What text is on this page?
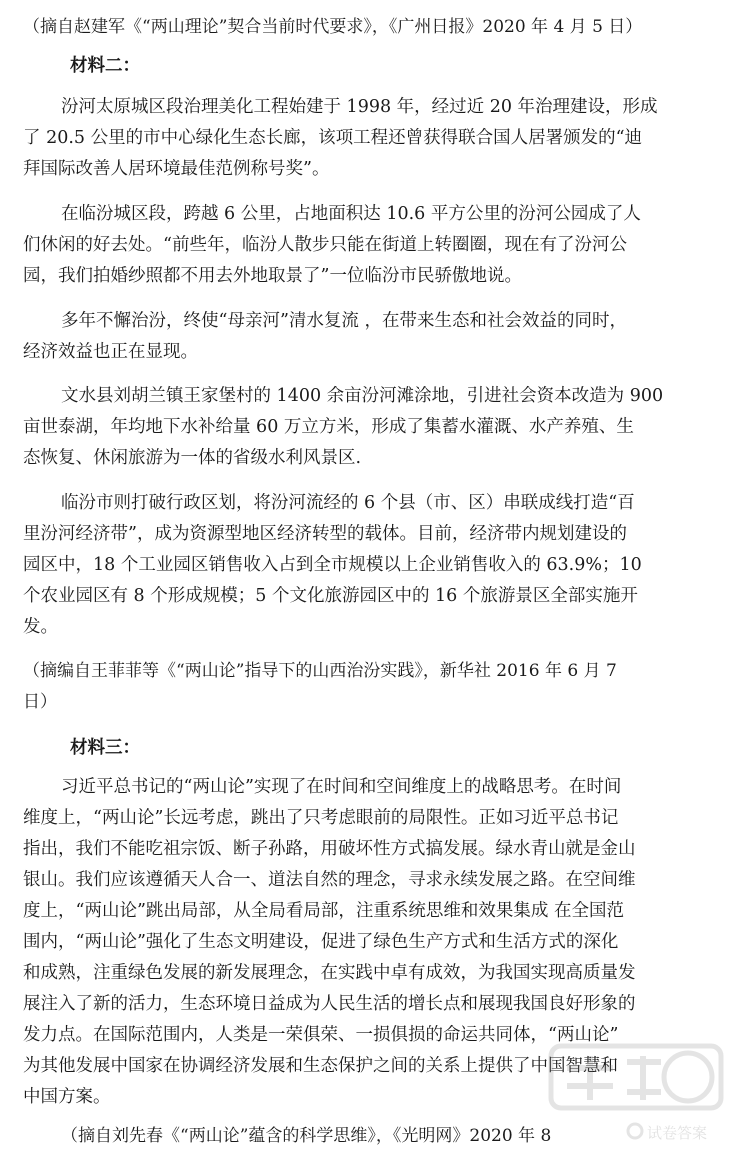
（摘自赵建军《“两山理论”契合当前时代要求》，《广州日报》2020 年 4 月 5 日）
材料二：
汾河太原城区段治理美化工程始建于 1998 年，经过近 20 年治理建设，形成
了 20.5 公里的市中心绿化生态长廊，该项工程还曾获得联合国人居署颁发的“迪
拜国际改善人居环境最佳范例称号奖”。
在临汾城区段，跨越 6 公里，占地面积达 10.6 平方公里的汾河公园成了人
们休闲的好去处。“前些年，临汾人散步只能在街道上转圈圈，现在有了汾河公
园，我们拍婚纱照都不用去外地取景了”一位临汾市民骄傲地说。
多年不懈治汾，终使“母亲河”清水复流 ，在带来生态和社会效益的同时，
经济效益也正在显现。
文水县刘胡兰镇王家堡村的 1400 余亩汾河滩涂地，引进社会资本改造为 900
亩世泰湖，年均地下水补给量 60 万立方米，形成了集蓄水灌溉、水产养殖、生
态恢复、休闲旅游为一体的省级水利风景区.
临汾市则打破行政区划，将汾河流经的 6 个县（市、区）串联成线打造“百
里汾河经济带”，成为资源型地区经济转型的载体。目前，经济带内规划建设的
园区中，18 个工业园区销售收入占到全市规模以上企业销售收入的 63.9%；10
个农业园区有 8 个形成规模；5 个文化旅游园区中的 16 个旅游景区全部实施开
发。
（摘编自王菲菲等《“两山论”指导下的山西治汾实践》，新华社 2016 年 6 月 7
日）
材料三：
习近平总书记的“两山论”实现了在时间和空间维度上的战略思考。在时间
维度上，“两山论”长远考虑，跳出了只考虑眼前的局限性。正如习近平总书记
指出，我们不能吃祖宗饭、断子孙路，用破坏性方式搞发展。绿水青山就是金山
银山。我们应该遵循天人合一、道法自然的理念，寻求永续发展之路。在空间维
度上，“两山论”跳出局部，从全局看局部，注重系统思维和效果集成 在全国范
围内，“两山论”强化了生态文明建设，促进了绿色生产方式和生活方式的深化
和成熟，注重绿色发展的新发展理念，在实践中卓有成效，为我国实现高质量发
展注入了新的活力，生态环境日益成为人民生活的增长点和展现我国良好形象的
发力点。在国际范围内，人类是一荣俱荣、一损俱损的命运共同体，“两山论”
为其他发展中国家在协调经济发展和生态保护之间的关系上提供了中国智慧和
中国方案。
（摘自刘先春《“两山论”蕴含的科学思维》，《光明网》2020 年 8	试卷答案
